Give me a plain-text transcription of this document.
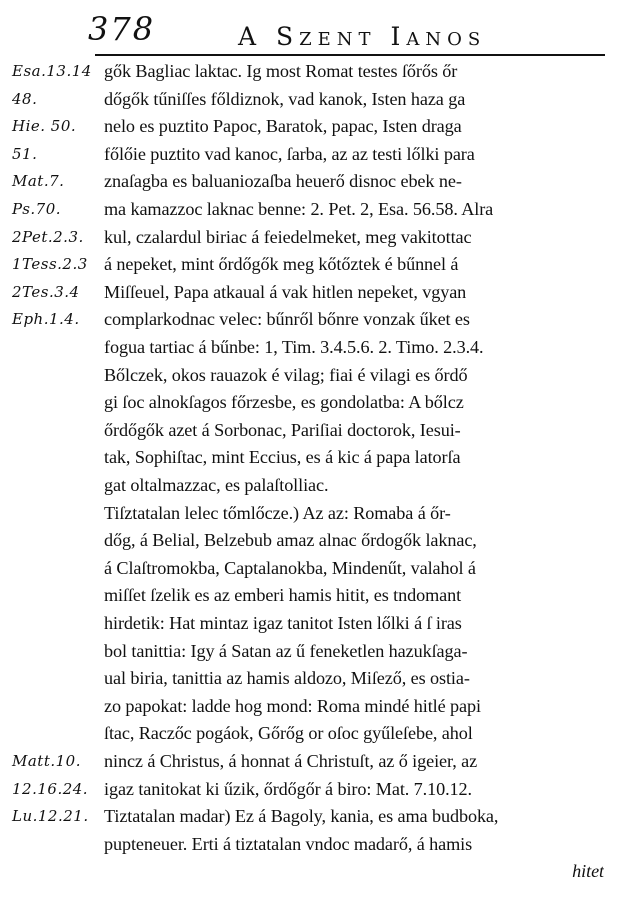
378	A Szent Ianos
Esa.13.14
48.
Hie. 50.
51.
Mat.7.
Ps.70.
2Pet.2.3.
1Tess.2.3
2Tes.3.4
Eph.1.4.
Matt.10.
12.16.24.
Lu.12.21.
gők Bagliac laktac. Ig most Romat testes ſőrős őr
dőgők tűniſſes főldiznok, vad kanok, Isten haza ga
nelo es puztito Papoc, Baratok, papac, Isten draga
főlőie puztito vad kanoc, ſarba, az az testi lőlki para
znaſagba es baluaniozaſba heuerő disnoc ebek ne-
ma kamazzoc laknac benne: 2. Pet. 2, Esa. 56.58. Alra
kul, czalardul biriac á feiedelmeket, meg vakitottac
á nepeket, mint őrdőgők meg kőtőztek é bűnnel á
Miſſeuel, Papa atkaual á vak hitlen nepeket, vgyan
complarkodnac velec: bűnről bőnre vonzak űket es
fogua tartiac á bűnbe: 1, Tim. 3.4.5.6. 2. Timo. 2.3.4.
Bőlczek, okos rauazok é vilag; fiai é vilagi es őrdő
gi ſoc alnokſagos főrzesbe, es gondolatba: A bőlcz
őrdőgők azet á Sorbonac, Pariſiai doctorok, Iesui-
tak, Sophiſtac, mint Eccius, es á kic á papa latorſa
gat oltalmazzac, es palaſtolliac.
Tiſztatalan lelec tőmlőcze.) Az az: Romaba á őr-
dőg, á Belial, Belzebub amaz alnac őrdogők laknac,
á Claſtromokba, Captalanokba, Mindenűt, valahol á
miſſet ſzelik es az emberi hamis hitit, es tndomant
hirdetik: Hat mintaz igaz tanitot Isten lőlki á ſ iras
bol tanittia: Igy á Satan az ű feneketlen hazukſaga-
ual biria, tanittia az hamis aldozo, Miſező, es ostia-
zo papokat: ladde hog mond: Roma mindé hitlé papi
ſtac, Raczőc pogáok, Gőrőg or oſoc gyűleſebe, ahol
nincz á Christus, á honnat á Christuſt, az ő igeier, az
igaz tanitokat ki űzik, őrdőgőr á biro: Mat. 7.10.12.
Tiztatalan madar) Ez á Bagoly, kania, es ama budboka,
pupteneuer. Erti á tiztatalan vndoc madarő, á hamis
hitet
